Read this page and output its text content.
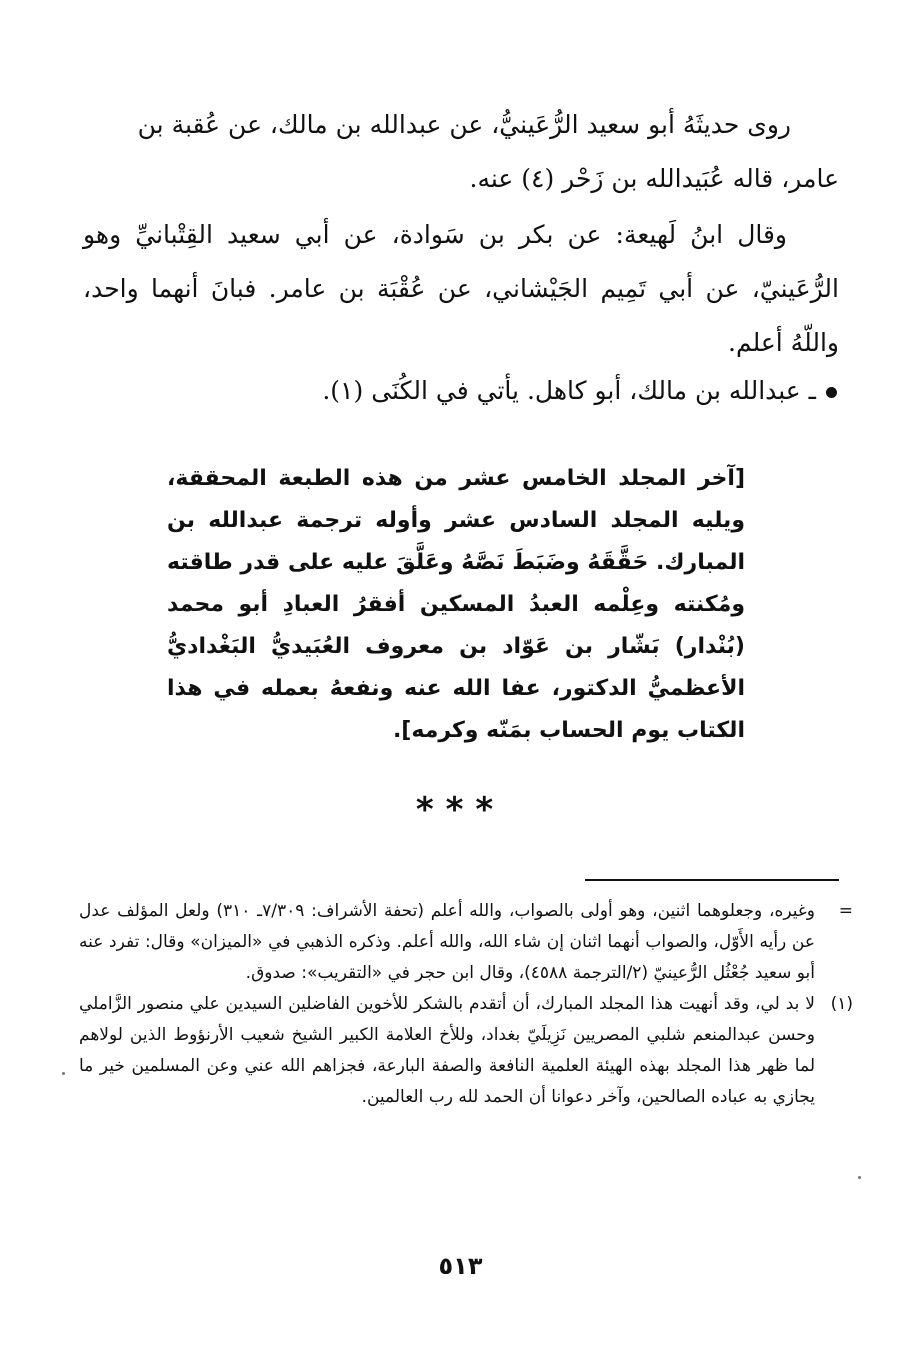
روى حديثَهُ أبو سعيد الرُّعَينيُّ، عن عبدالله بن مالك، عن عُقبة بن
عامر، قاله عُبَيدالله بن زَحْر (٤) عنه.
وقال ابنُ لَهيعة: عن بكر بن سَوادة، عن أبي سعيد القِتْبانيِّ وهو الرُّعَينيّ، عن أبي تَمِيم الجَيْشاني، عن عُقْبَة بن عامر. فبانَ أنهما واحد، واللّهُ أعلم.
ـ عبدالله بن مالك، أبو كاهل. يأتي في الكُنَى (١).
[آخر المجلد الخامس عشر من هذه الطبعة المحققة، ويليه المجلد السادس عشر وأوله ترجمة عبدالله بن المبارك. حَقَّقَهُ وضَبَطَ نَصَّهُ وعَلَّقَ عليه على قدر طاقته ومُكنته وعِلْمه العبدُ المسكين أفقرُ العبادِ أبو محمد (بُنْدار) بَشّار بن عَوّاد بن معروف العُبَيديُّ البَغْداديُّ الأعظميُّ الدكتور، عفا الله عنه ونفعهُ بعمله في هذا الكتاب يوم الحساب بمَنّه وكرمه].
***
=
وغيره، وجعلوهما اثنين، وهو أولى بالصواب، والله أعلم (تحفة الأشراف: ٧/٣٠٩ـ ٣١٠) ولعل المؤلف عدل عن رأيه الأَوّل، والصواب أنهما اثنان إن شاء الله، والله أعلم. وذكره الذهبي في «الميزان» وقال: تفرد عنه أبو سعيد جُعْثُل الرُّعينيّ (٢/الترجمة ٤٥٨٨)، وقال ابن حجر في «التقريب»: صدوق.
(١)
لا بد لي، وقد أنهيت هذا المجلد المبارك، أن أتقدم بالشكر للأخوين الفاضلين السيدين علي منصور الزَّاملي وحسن عبدالمنعم شلبي المصريين نَزِيلَيّ بغداد، وللأخ العلامة الكبير الشيخ شعيب الأرنؤوط الذين لولاهم لما ظهر هذا المجلد بهذه الهيئة العلمية النافعة والصفة البارعة، فجزاهم الله عني وعن المسلمين خير ما يجازي به عباده الصالحين، وآخر دعوانا أن الحمد لله رب العالمين.
٥١٣
